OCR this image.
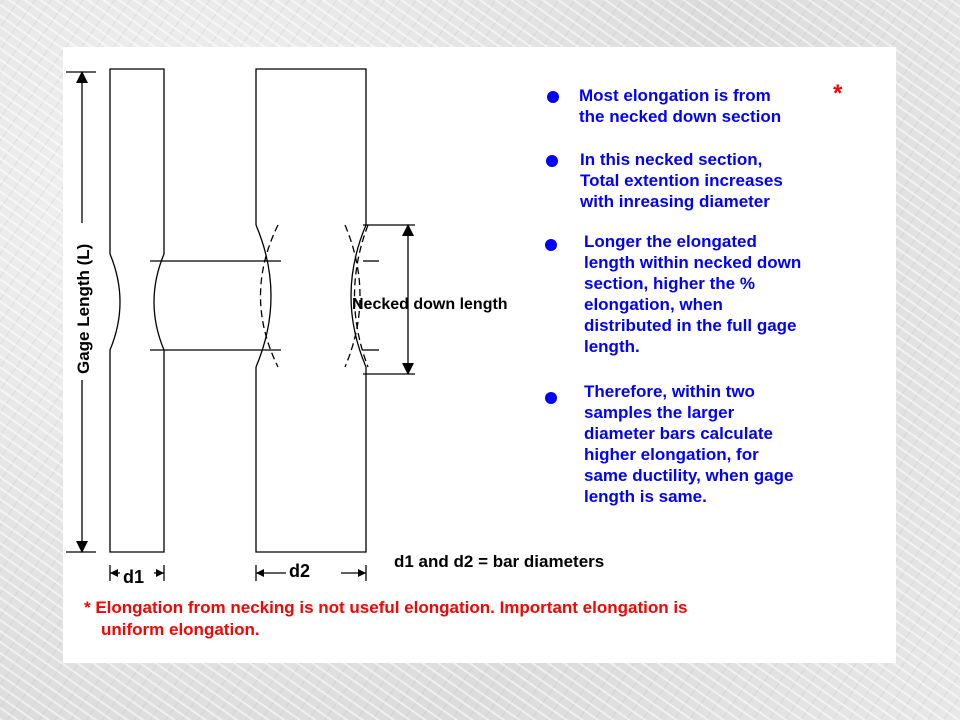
Gage Length (L)	Necked down length
d1	d2	d1 and d2 = bar diameters

Most elongation is from
the necked down section

*

In this necked section,
Total extention increases
with inreasing diameter

Longer the elongated
length within necked down
section, higher the %
elongation, when
distributed in the full gage
length.

Therefore, within two
samples the larger
diameter bars calculate
higher elongation, for
same ductility, when gage
length is same.

* Elongation from necking is not useful elongation. Important elongation is
uniform elongation.
